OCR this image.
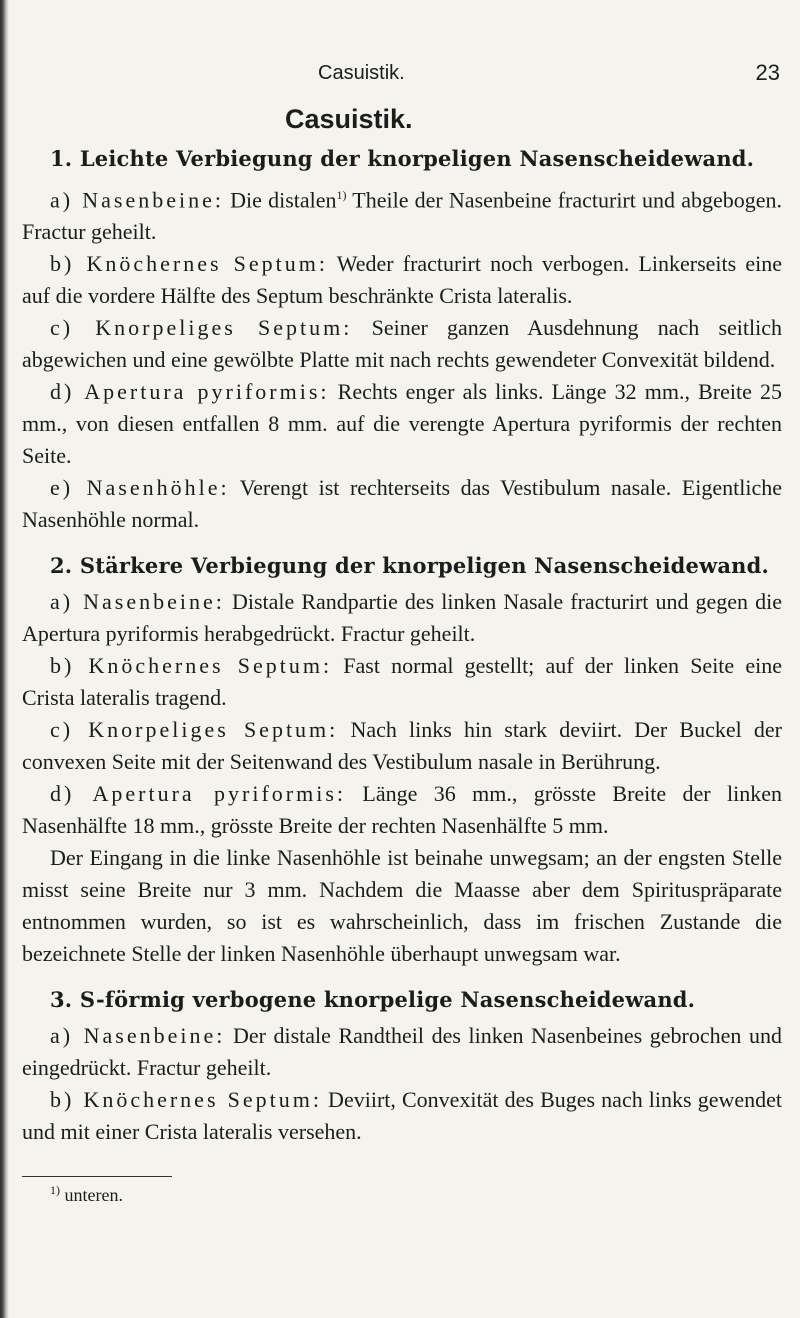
Casuistik.	23
Casuistik.

1. Leichte Verbiegung der knorpeligen Nasenscheidewand.

a) Nasenbeine: Die distalen$^{1)}$ Theile der Nasenbeine fracturirt und abgebogen. Fractur geheilt.

b) Knöchernes Septum: Weder fracturirt noch verbogen. Linkerseits eine auf die vordere Hälfte des Septum beschränkte Crista lateralis.

c) Knorpeliges Septum: Seiner ganzen Ausdehnung nach seitlich abgewichen und eine gewölbte Platte mit nach rechts gewendeter Convexität bildend.

d) Apertura pyriformis: Rechts enger als links. Länge 32 mm., Breite 25 mm., von diesen entfallen 8 mm. auf die verengte Apertura pyriformis der rechten Seite.

e) Nasenhöhle: Verengt ist rechterseits das Vestibulum nasale. Eigentliche Nasenhöhle normal.

2. Stärkere Verbiegung der knorpeligen Nasenscheidewand.

a) Nasenbeine: Distale Randpartie des linken Nasale fracturirt und gegen die Apertura pyriformis herabgedrückt. Fractur geheilt.

b) Knöchernes Septum: Fast normal gestellt; auf der linken Seite eine Crista lateralis tragend.

c) Knorpeliges Septum: Nach links hin stark deviirt. Der Buckel der convexen Seite mit der Seitenwand des Vestibulum nasale in Berührung.

d) Apertura pyriformis: Länge 36 mm., grösste Breite der linken Nasenhälfte 18 mm., grösste Breite der rechten Nasenhälfte 5 mm.

Der Eingang in die linke Nasenhöhle ist beinahe unwegsam; an der engsten Stelle misst seine Breite nur 3 mm. Nachdem die Maasse aber dem Spirituspräparate entnommen wurden, so ist es wahrscheinlich, dass im frischen Zustande die bezeichnete Stelle der linken Nasenhöhle überhaupt unwegsam war.

3. S-förmig verbogene knorpelige Nasenscheidewand.

a) Nasenbeine: Der distale Randtheil des linken Nasenbeines gebrochen und eingedrückt. Fractur geheilt.

b) Knöchernes Septum: Deviirt, Convexität des Buges nach links gewendet und mit einer Crista lateralis versehen.

$^{1)}$ unteren.
